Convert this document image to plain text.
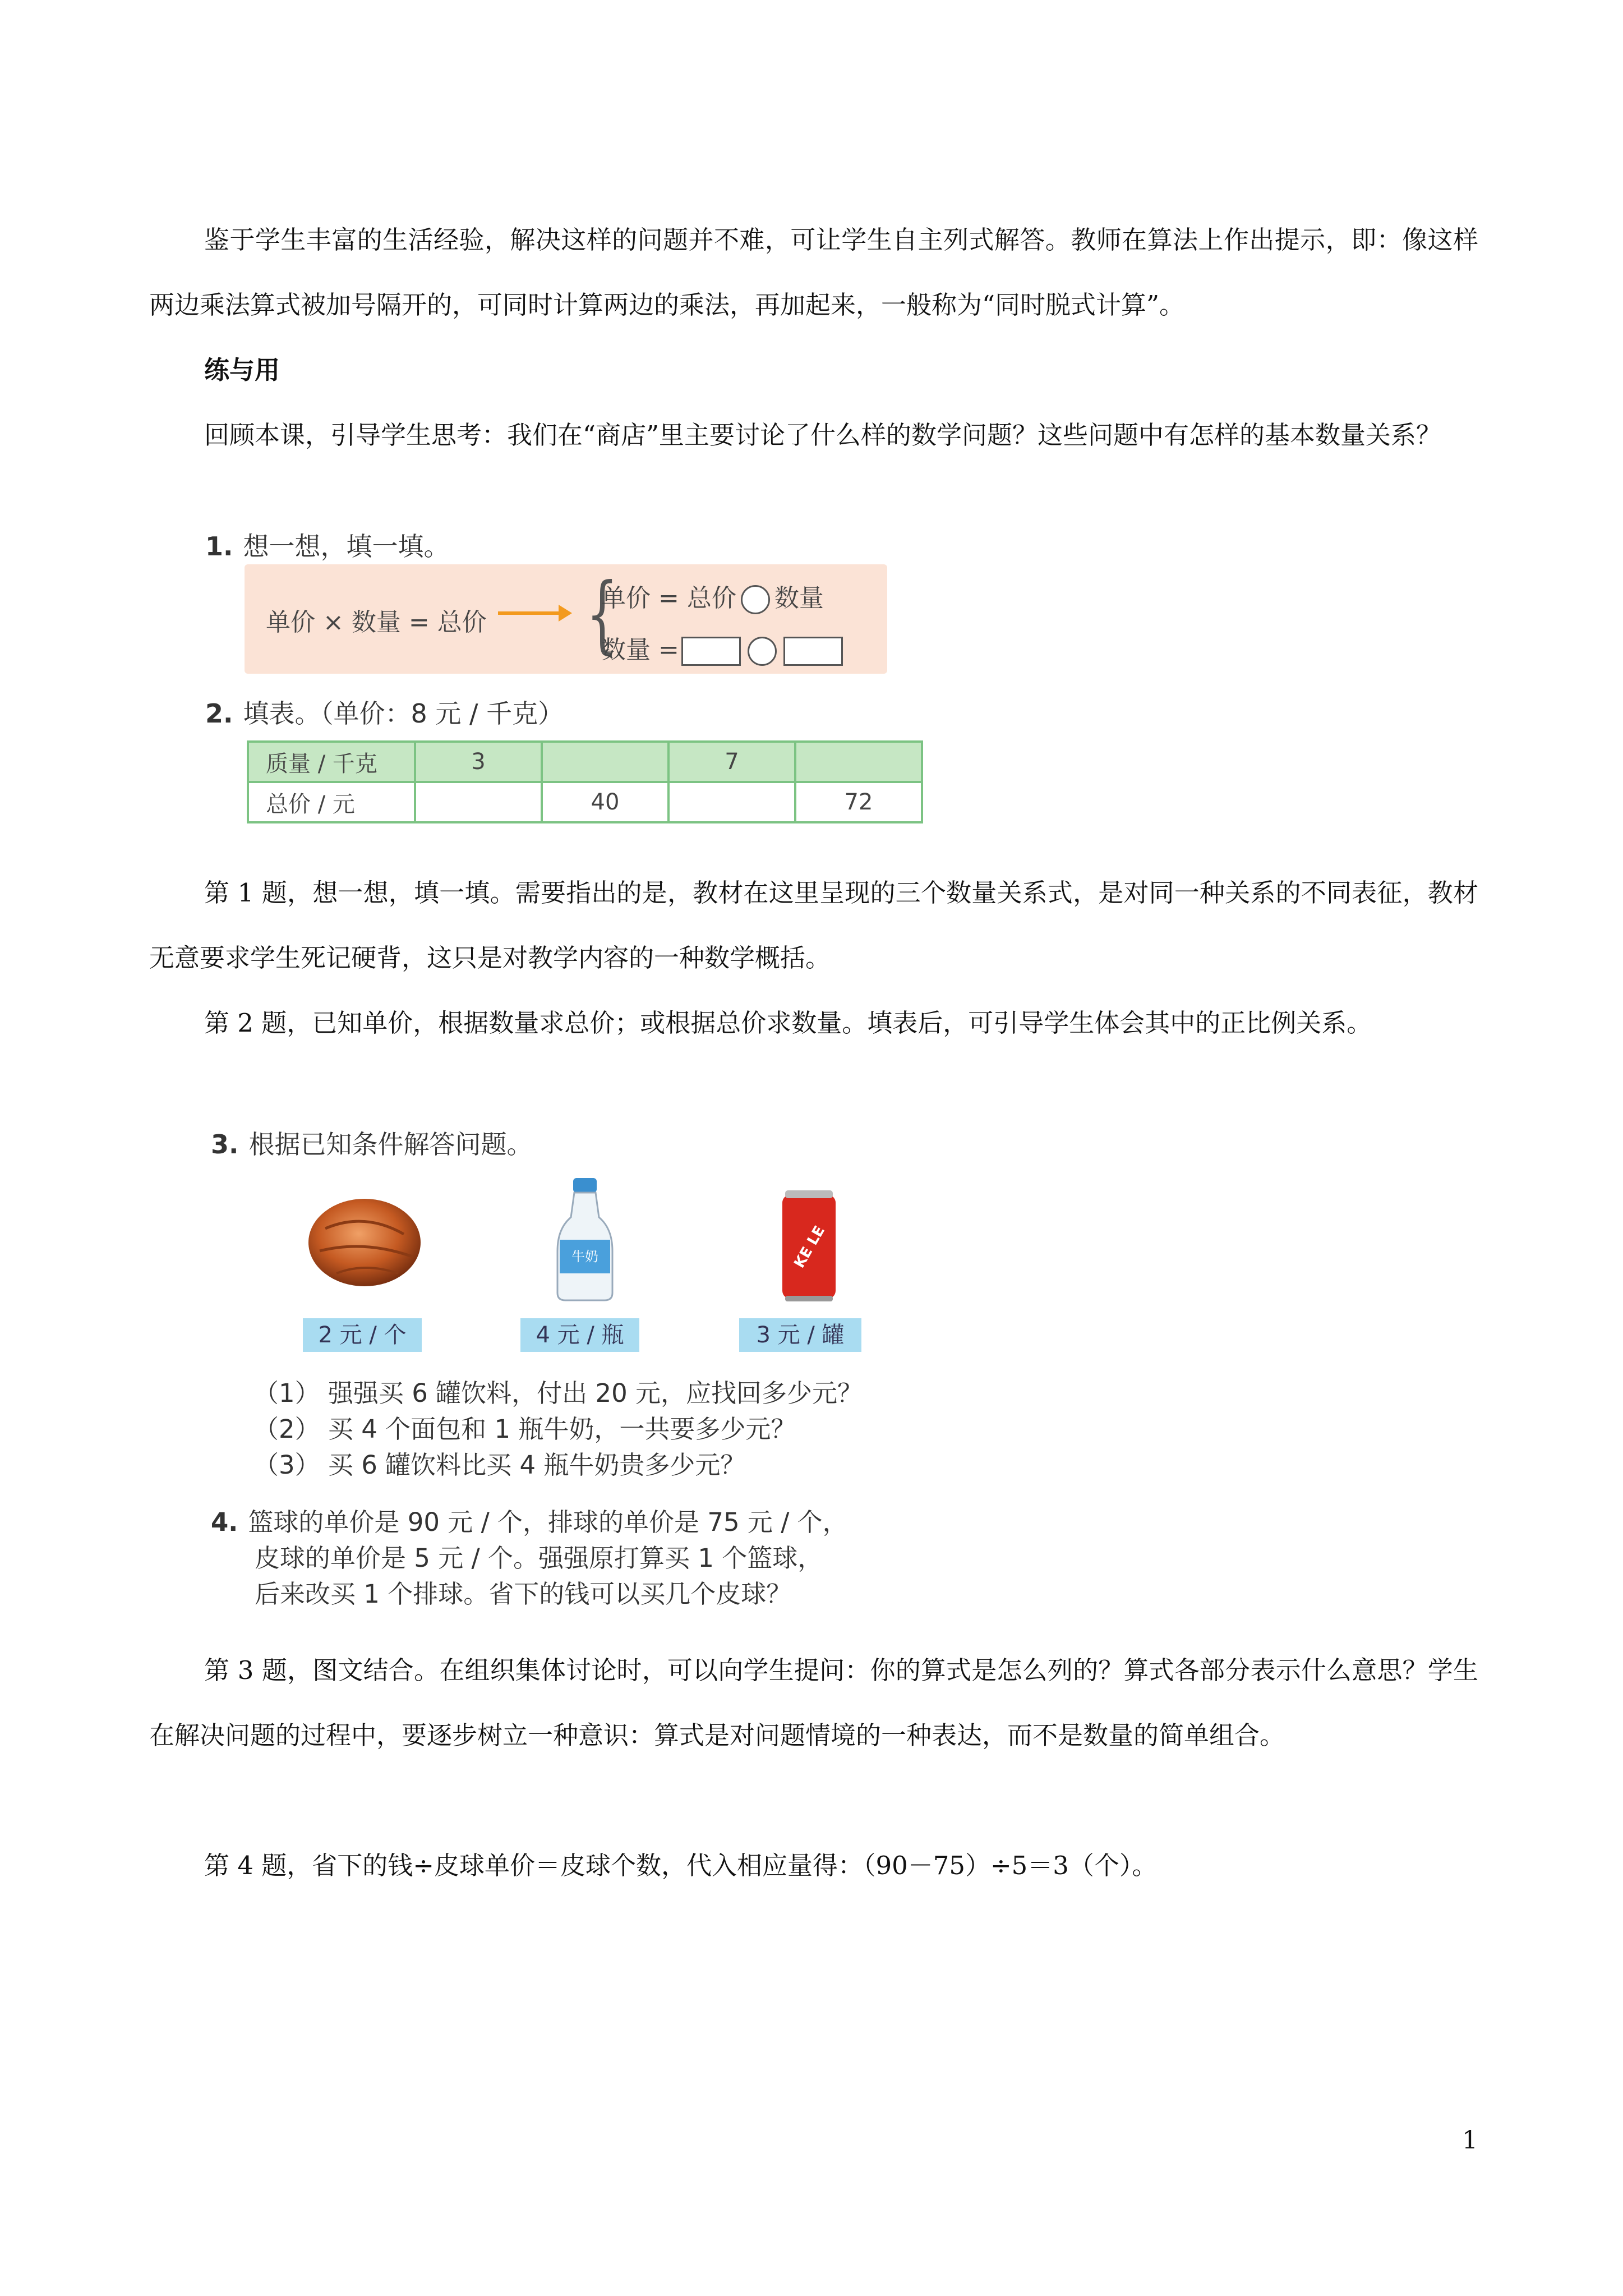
鉴于学生丰富的生活经验，解决这样的问题并不难，可让学生自主列式解答。教师在算法上作出提示，即：像这样两边乘法算式被加号隔开的，可同时计算两边的乘法，再加起来，一般称为“同时脱式计算”。

练与用

回顾本课，引导学生思考：我们在“商店”里主要讨论了什么样的数学问题？这些问题中有怎样的基本数量关系？

1. 想一想，填一填。
单价 × 数量 = 总价 {
单价 = 总价 数量
数量 =
2. 填表。（单价：8 元 / 千克）
质量 / 千克	3		7	
总价 / 元		40		72

第 1 题，想一想，填一填。需要指出的是，教材在这里呈现的三个数量关系式，是对同一种关系的不同表征，教材无意要求学生死记硬背，这只是对教学内容的一种数学概括。

第 2 题，已知单价，根据数量求总价；或根据总价求数量。填表后，可引导学生体会其中的正比例关系。

3. 根据已知条件解答问题。
牛奶	KE LE
2 元 / 个	4 元 / 瓶	3 元 / 罐
（1） 强强买 6 罐饮料，付出 20 元，应找回多少元？
（2） 买 4 个面包和 1 瓶牛奶，一共要多少元？
（3） 买 6 罐饮料比买 4 瓶牛奶贵多少元？
4. 篮球的单价是 90 元 / 个，排球的单价是 75 元 / 个，
皮球的单价是 5 元 / 个。强强原打算买 1 个篮球，
后来改买 1 个排球。省下的钱可以买几个皮球？

第 3 题，图文结合。在组织集体讨论时，可以向学生提问：你的算式是怎么列的？算式各部分表示什么意思？学生在解决问题的过程中，要逐步树立一种意识：算式是对问题情境的一种表达，而不是数量的简单组合。

第 4 题，省下的钱÷皮球单价＝皮球个数，代入相应量得：（90－75）÷5＝3（个）。

1
